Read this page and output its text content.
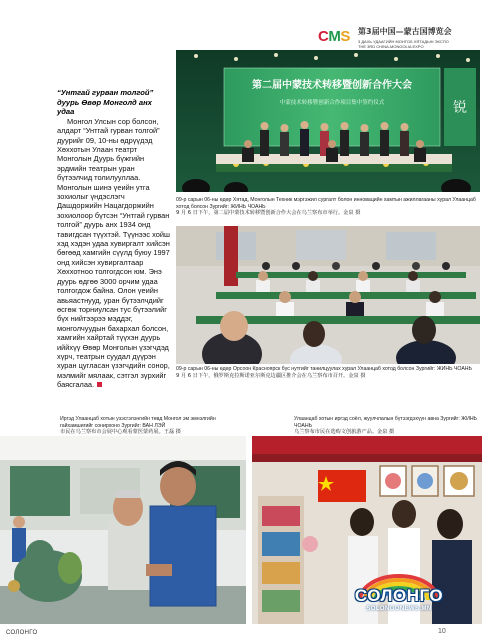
CMS 第3届中国—蒙古国博览会
3 ДАХЬ УДААГИЙН МОНГОЛ-ХЯТАДЫН ЭКСПО
THE 3RD CHINA-MONGOLIA EXPO
“Унтгай гурван толгой”
дуурь Өвөр Монголд анх удаа

Монгол Улсын сор болсон, алдарт “Унтгай гурван толгой” дуурийг 09, 10-ны өдрүүдэд Хөххотын Улаан театрт Монголын Дуурь бүжгийн эрдмийн театрын уран бүтээлчид толилууллаа. Монголын шинэ үеийн утга зохиолыг үндэслэгч Дашдоржийн Нацагдоржийн зохиолоор бүтсэн “Унтгай гурван толгой” дуурь анх 1934 онд тавигдсан түүхтэй. Түүнээс хойш хэд хэдэн удаа хувиргалт хийсэн бөгөөд хамгийн сүүлд буюу 1997 онд хийсэн хувиргалтаар Хөххотноо толгогдсон юм. Энэ дуурь өдгөө 3000 орчим удаа толгогдож байна. Олон үеийн авьяастнууд, уран бүтээлчдийг өсгөж торниулсан тус бүтээлийг бүх нийтээрээ мэддэг, монголчуудын бахархал болсон, хамгийн хайртай түүхэн дуурь иййхүү Өвөр Монголын үзэгчдэд хүрч, театрын суудал дүүрэн хуран цугласан үзэгчдийн сонор, мэлмийг мялаак, сэтгэл зүрхийг баясгалаа.

锐
第二届中蒙技术转移暨创新合作大会
中蒙技术转移暨创新合作项目集中签约仪式
09-р сарын 06-ны өдөр Хятад, Монголын Техник мэргэжил сургалт болон инновацийн хамтын ажиллагааны хурал Улаанцаб хотод болсон Зургийг: ЖИНЬ ЧОАНЬ
9 月 6 日下午，第二届中蒙技术转移暨创新合作大会在乌兰察布市举行。金泉 摄
09-р сарын 06-ны өдөр Орсоон Красноярск бүс нутгийг танилцуулах хурал Улаанцаб хотод болсон Зургийг: ЖИНЬ ЧОАНЬ
9 月 6 日下午，俄罗斯克拉斯诺亚尔斯克边疆区推介会在乌兰察布市召开。金泉 摄
Иргэд Улаанцаб хотын узэсгэлэнгийн төвд Монгол эм эмнэлгийн гайхамшигийг сонирхоно Зургийг: ВАН ЛЭЙ
市民在乌兰察布市会展中心观看蒙医蒙药展。王磊 摄
Улаанцаб хотын иргэд соёл, жуулчлалын бүтээгдэхүүн авна Зургийг: ЖИНЬ ЧОАНЬ
乌兰察布市民在选购文创旅游产品。金泉 摄
СОЛОНГО
СОЛОНГО
SOLONGONEWS.MN
10
